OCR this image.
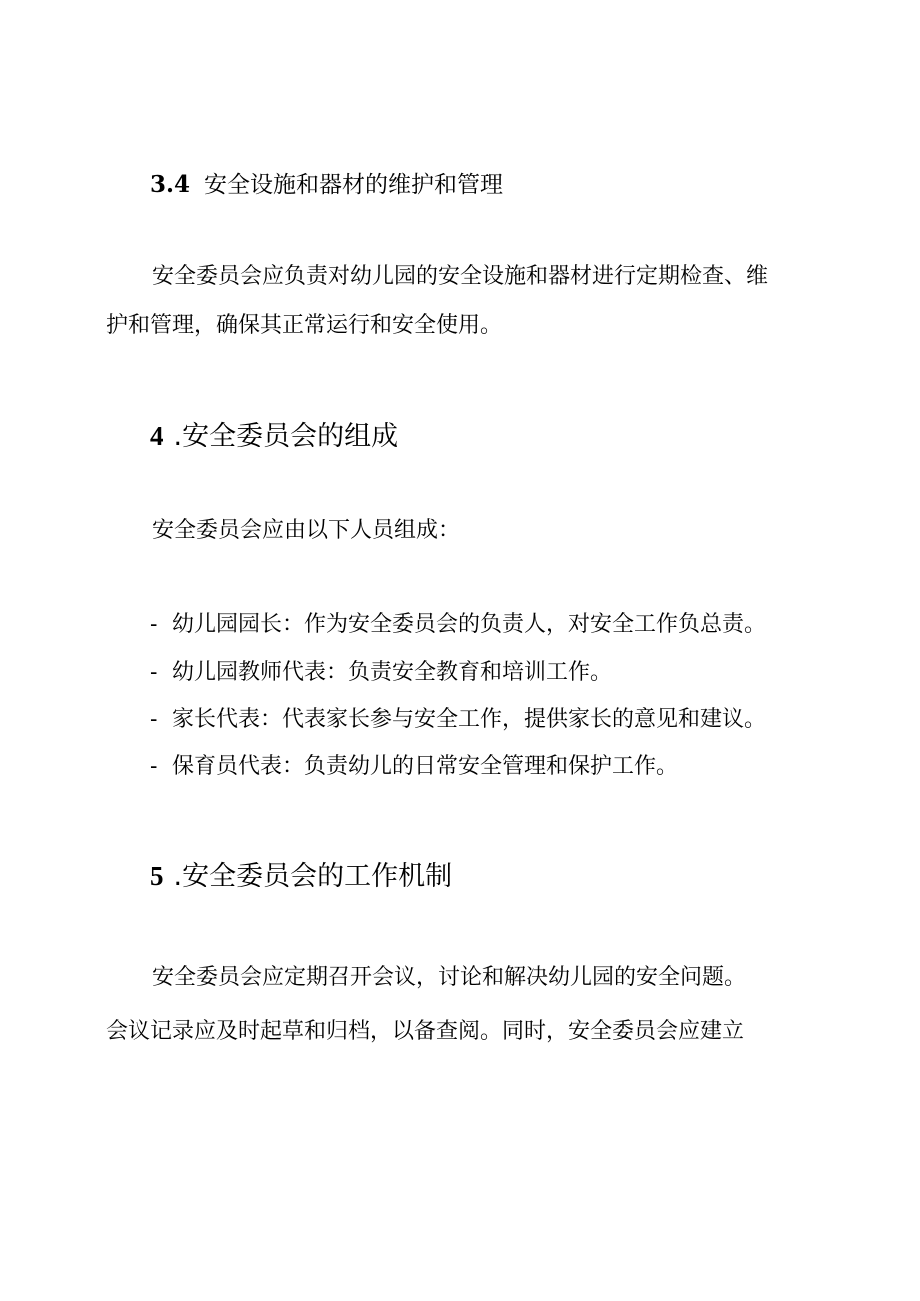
3.4 安全设施和器材的维护和管理
安全委员会应负责对幼儿园的安全设施和器材进行定期检查、维
护和管理，确保其正常运行和安全使用。
4 .安全委员会的组成
安全委员会应由以下人员组成：
- 幼儿园园长：作为安全委员会的负责人，对安全工作负总责。
- 幼儿园教师代表：负责安全教育和培训工作。
- 家长代表：代表家长参与安全工作，提供家长的意见和建议。
- 保育员代表：负责幼儿的日常安全管理和保护工作。
5 .安全委员会的工作机制
安全委员会应定期召开会议，讨论和解决幼儿园的安全问题。
会议记录应及时起草和归档，以备查阅。同时，安全委员会应建立
